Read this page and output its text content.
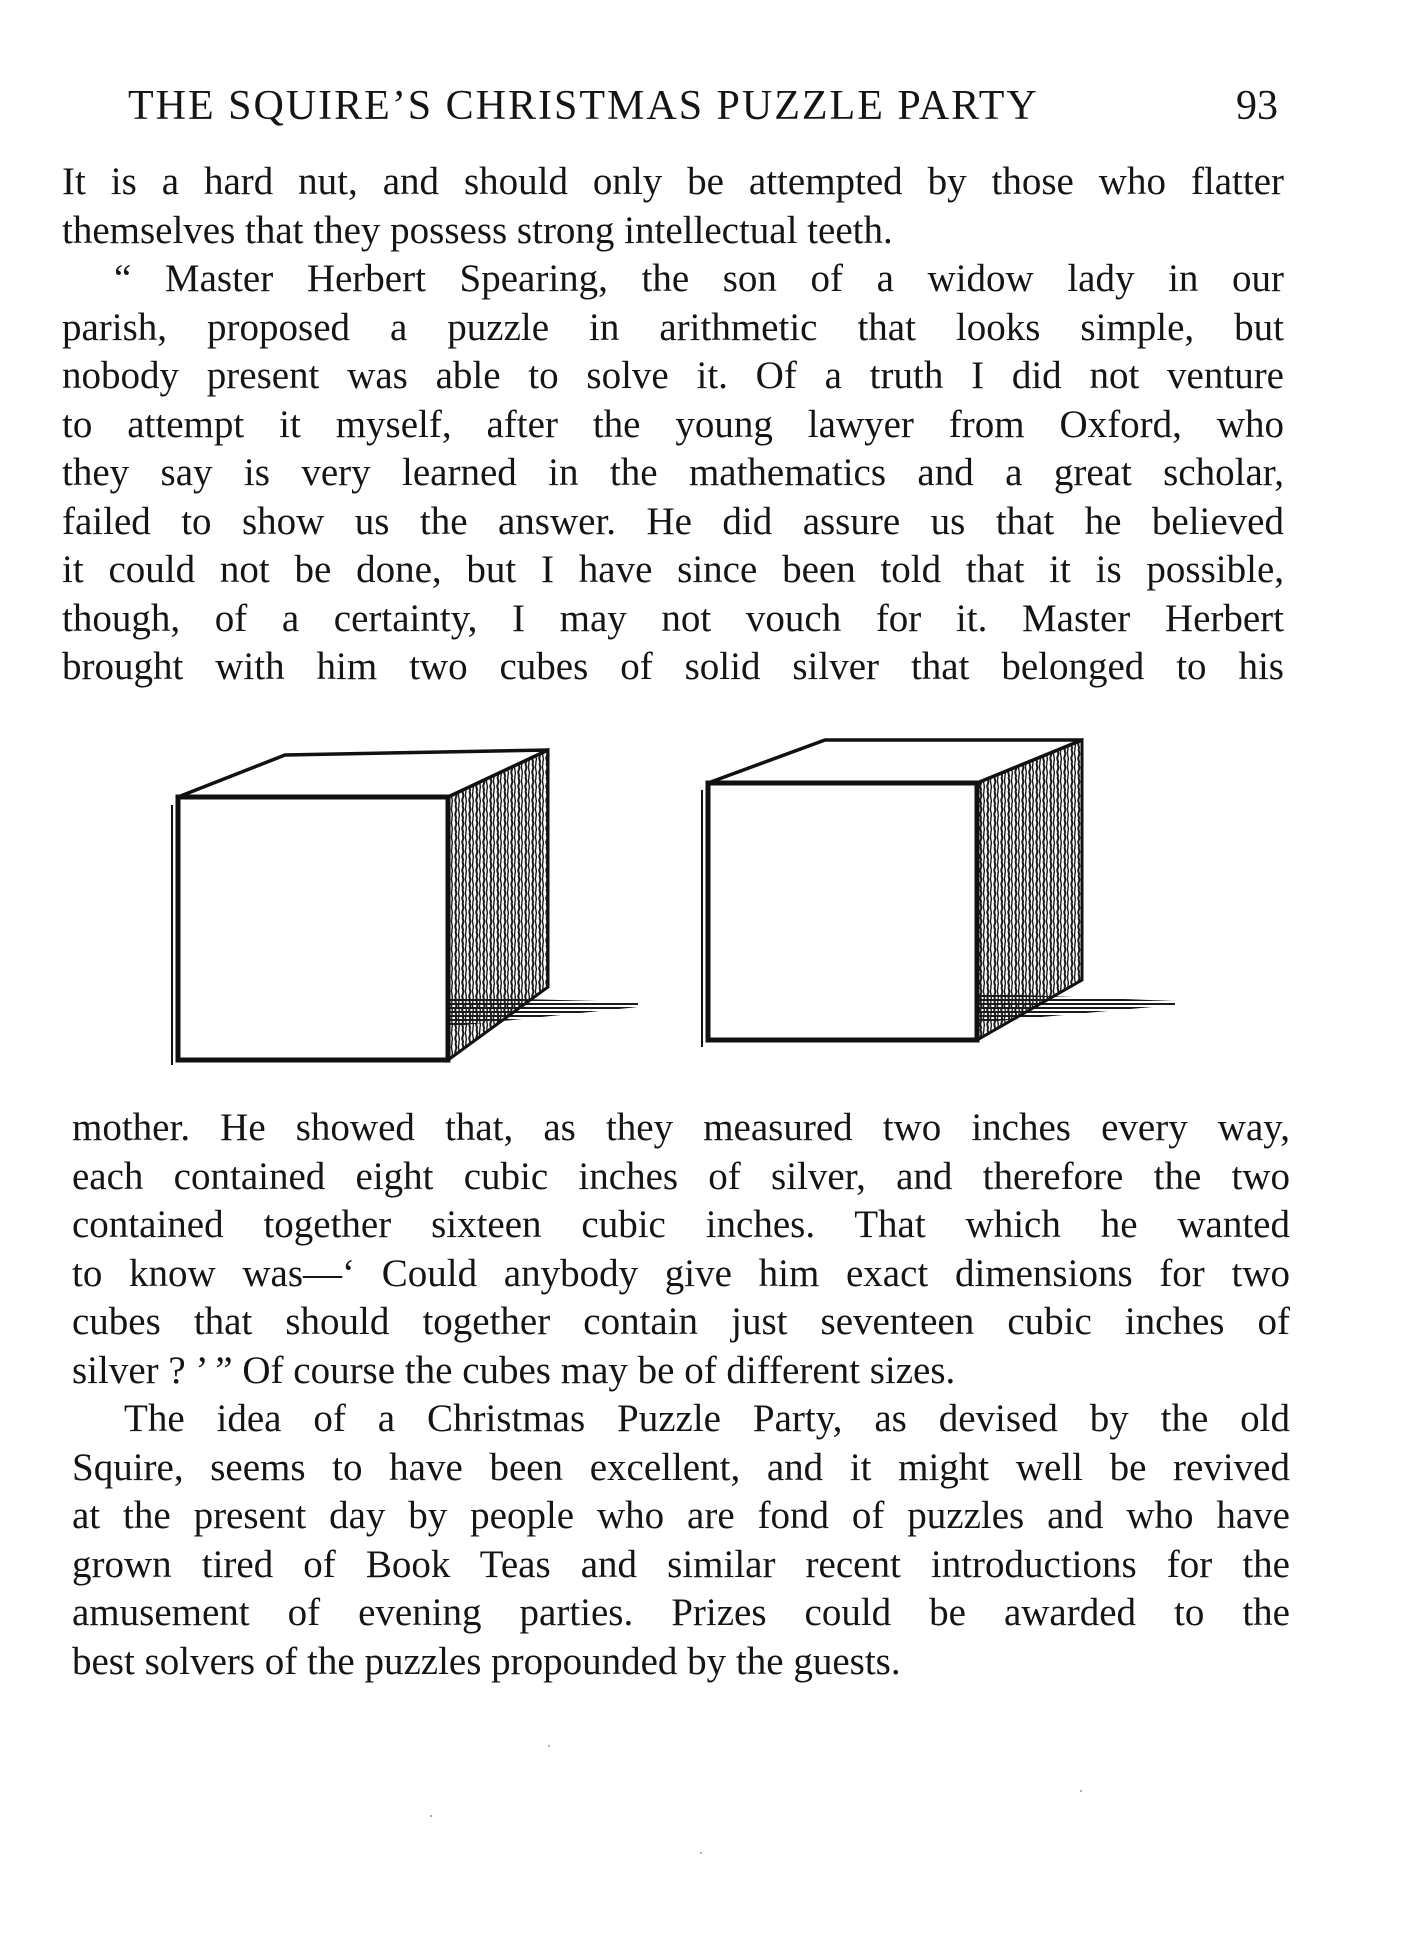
THE SQUIRE’S CHRISTMAS PUZZLE PARTY	93
It is a hard nut, and should only be attempted by those who flatter
themselves that they possess strong intellectual teeth.
“ Master Herbert Spearing, the son of a widow lady in our
parish, proposed a puzzle in arithmetic that looks simple, but
nobody present was able to solve it. Of a truth I did not venture
to attempt it myself, after the young lawyer from Oxford, who
they say is very learned in the mathematics and a great scholar,
failed to show us the answer. He did assure us that he believed
it could not be done, but I have since been told that it is possible,
though, of a certainty, I may not vouch for it. Master Herbert
brought with him two cubes of solid silver that belonged to his
mother. He showed that, as they measured two inches every way,
each contained eight cubic inches of silver, and therefore the two
contained together sixteen cubic inches. That which he wanted
to know was—‘ Could anybody give him exact dimensions for two
cubes that should together contain just seventeen cubic inches of
silver ? ’ ” Of course the cubes may be of different sizes.
The idea of a Christmas Puzzle Party, as devised by the old
Squire, seems to have been excellent, and it might well be revived
at the present day by people who are fond of puzzles and who have
grown tired of Book Teas and similar recent introductions for the
amusement of evening parties. Prizes could be awarded to the
best solvers of the puzzles propounded by the guests.
